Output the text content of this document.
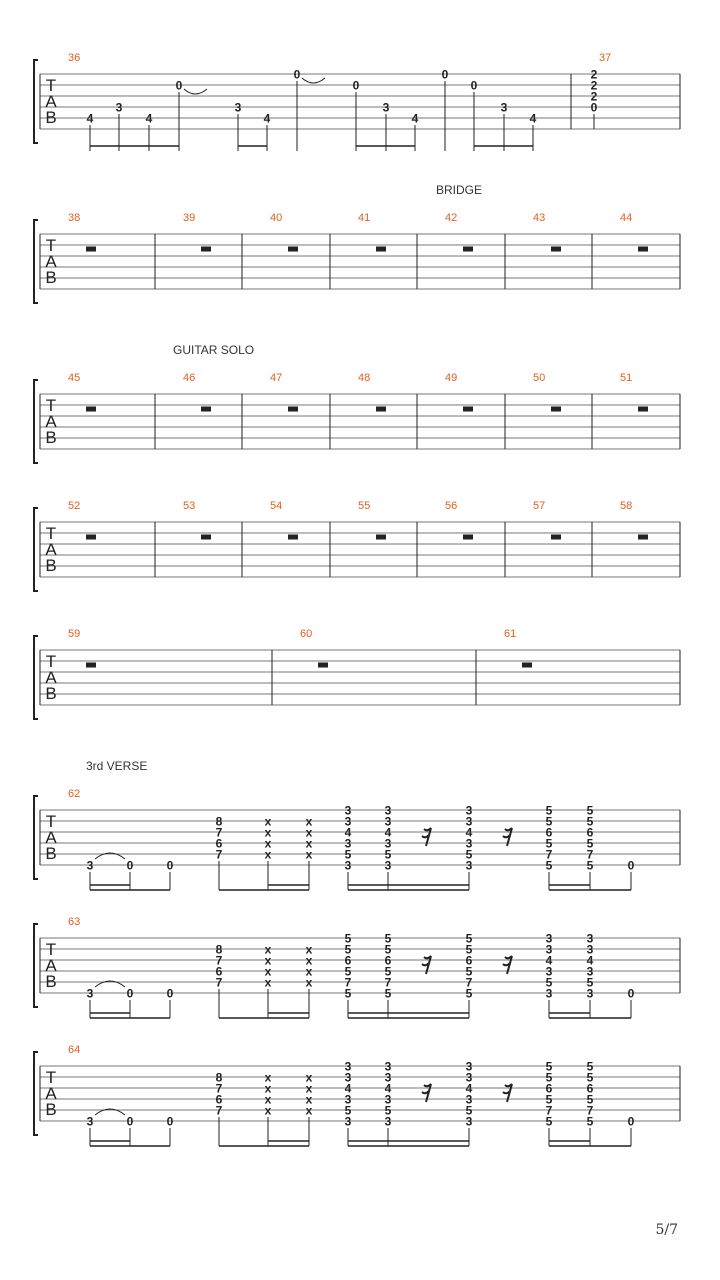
T
A
B
36
4
3
4
0
3
4
0
0
3
4
0
0
3
4
37
2
2
2
0
BRIDGE
T
A
B
38	39	40	41	42	43	44
GUITAR SOLO
T
A
B
45	46	47	48	49	50	51
T
A
B
52	53	54	55	56	57	58
T
A
B
59	60	61
3rd VERSE
T
A
B
62
3	0	0
8
7
6
7
x
x
x
x
x
x
x
x
3
3
4
3
5
3
3
3
4
3
5
3
3
3
4
3
5
3
5
5
6
5
7
5
5
5
6
5
7
5	0
T
A
B
63
3	0	0
8
7
6
7
x
x
x
x
x
x
x
x
5
5
6
5
7
5
5
5
6
5
7
5
5
5
6
5
7
5
3
3
4
3
5
3
3
3
4
3
5
3	0
T
A
B
64
3	0	0
8
7
6
7
x
x
x
x
x
x
x
x
3
3
4
3
5
3
3
3
4
3
5
3
3
3
4
3
5
3
5
5
6
5
7
5
5
5
6
5
7
5	0
5/7
